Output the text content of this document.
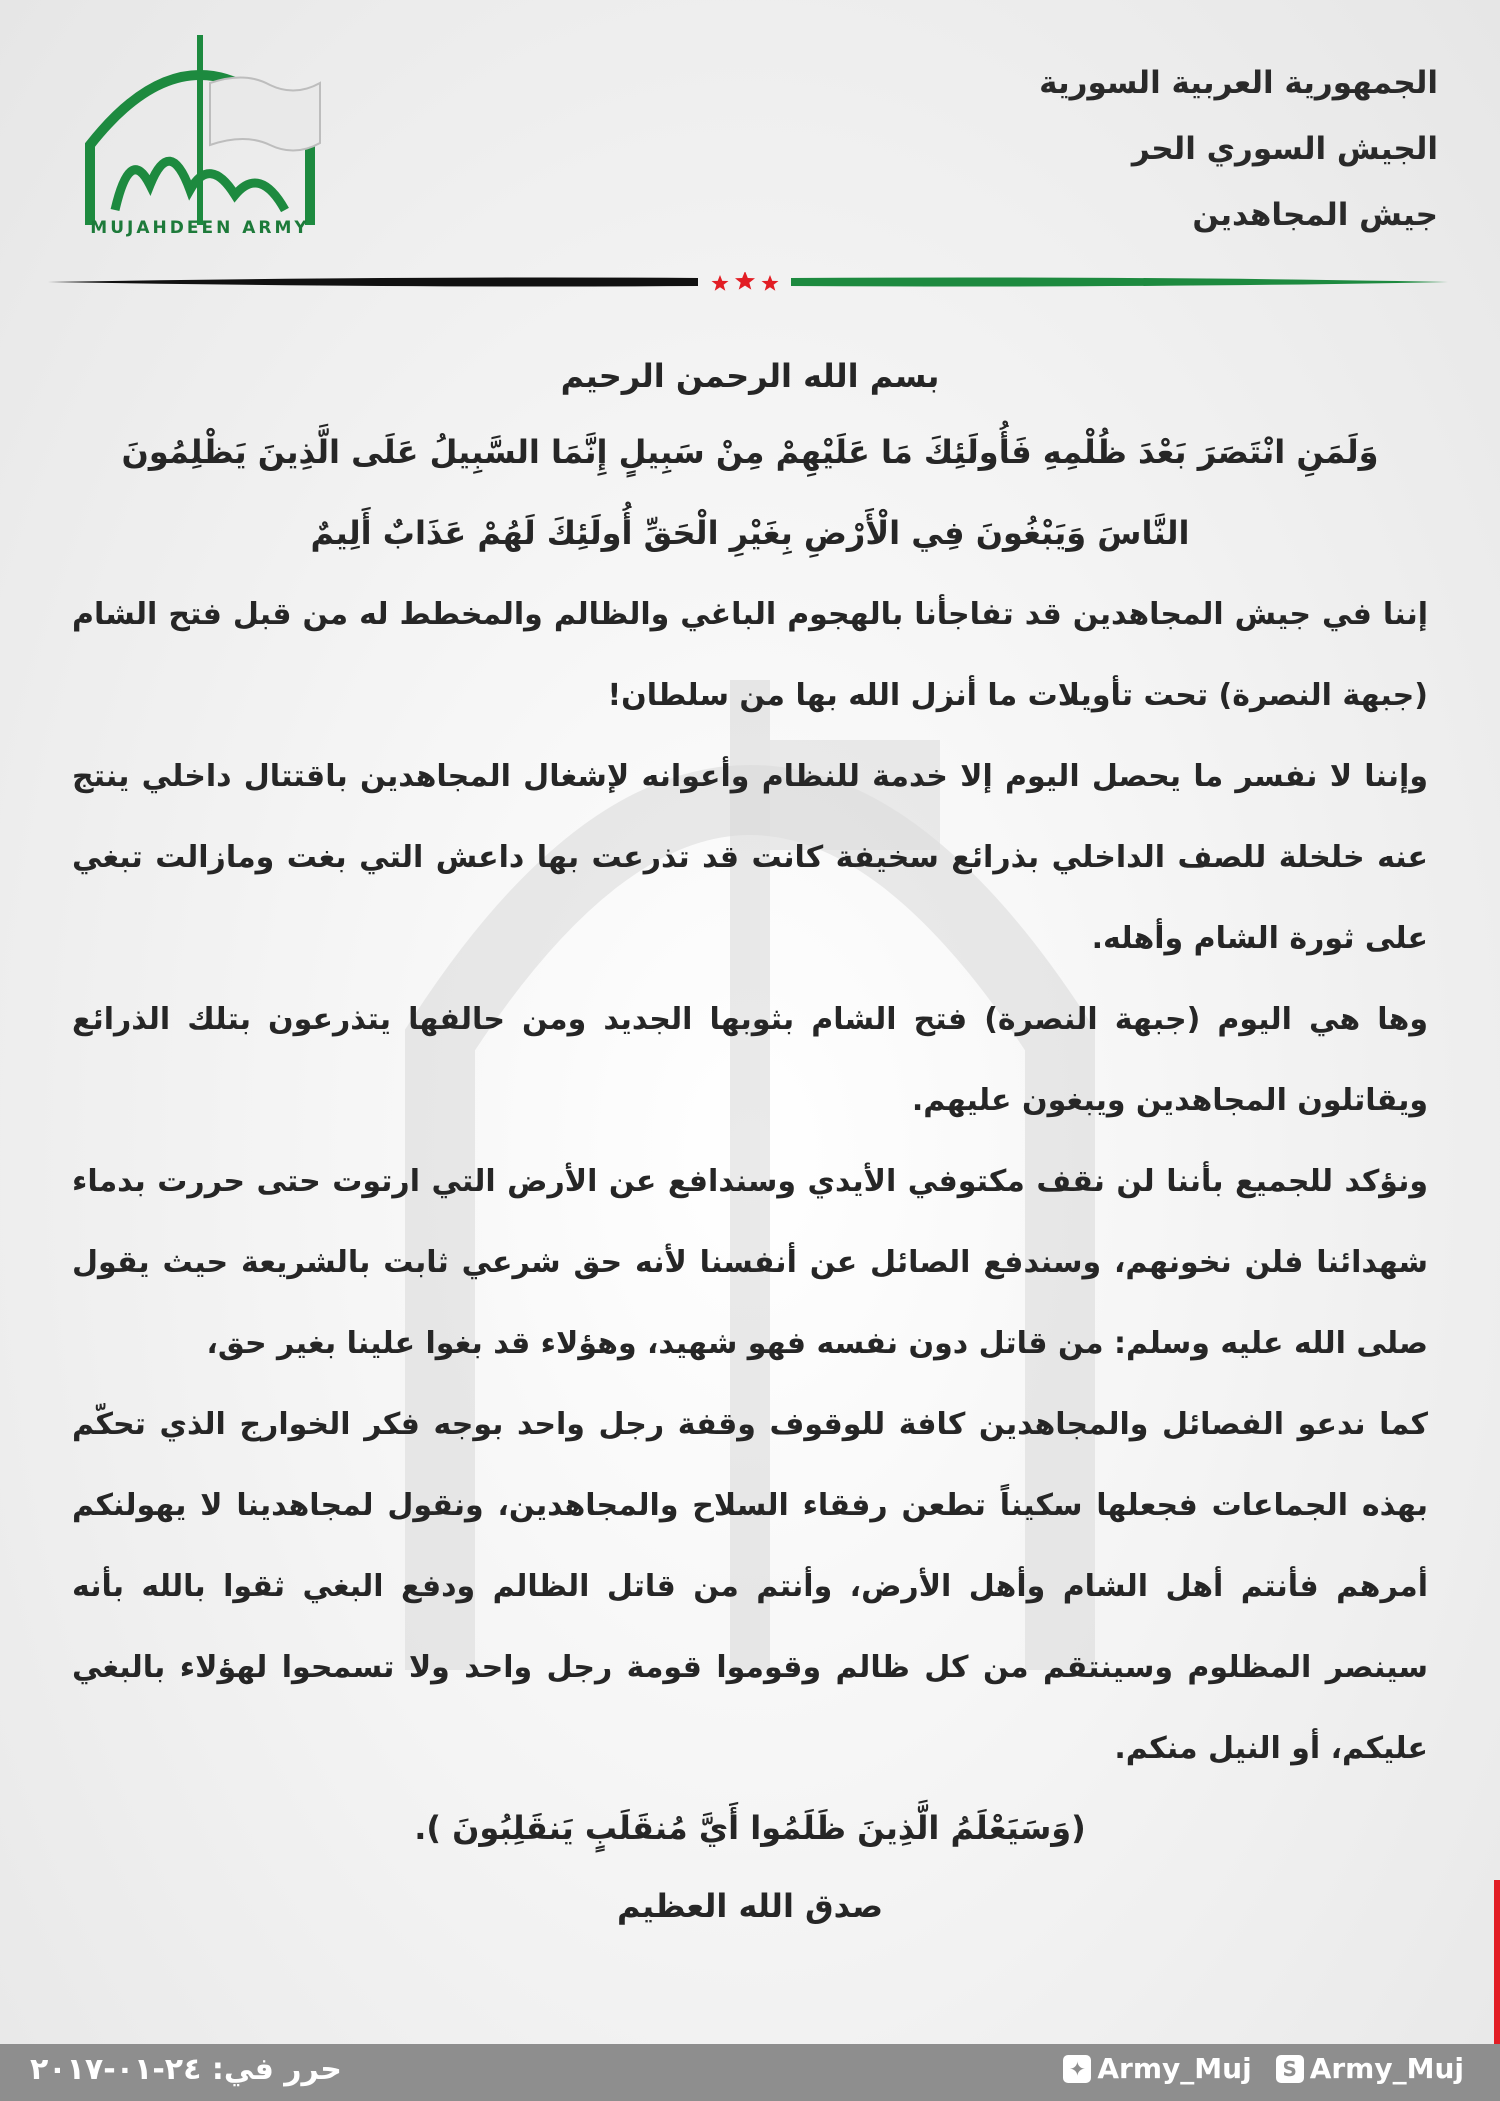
MUJAHDEEN ARMY
الجمهورية العربية السورية
الجيش السوري الحر
جيش المجاهدين
بسم الله الرحمن الرحيم
وَلَمَنِ انْتَصَرَ بَعْدَ ظُلْمِهِ فَأُولَئِكَ مَا عَلَيْهِمْ مِنْ سَبِيلٍ إِنَّمَا السَّبِيلُ عَلَى الَّذِينَ يَظْلِمُونَ
النَّاسَ وَيَبْغُونَ فِي الْأَرْضِ بِغَيْرِ الْحَقِّ أُولَئِكَ لَهُمْ عَذَابٌ أَلِيمٌ
إننا في جيش المجاهدين قد تفاجأنا بالهجوم الباغي والظالم والمخطط له من قبل فتح الشام (جبهة النصرة) تحت تأويلات ما أنزل الله بها من سلطان!
وإننا لا نفسر ما يحصل اليوم إلا خدمة للنظام وأعوانه لإشغال المجاهدين باقتتال داخلي ينتج عنه خلخلة للصف الداخلي بذرائع سخيفة كانت قد تذرعت بها داعش التي بغت ومازالت تبغي على ثورة الشام وأهله.
وها هي اليوم (جبهة النصرة) فتح الشام بثوبها الجديد ومن حالفها يتذرعون بتلك الذرائع ويقاتلون المجاهدين ويبغون عليهم.
ونؤكد للجميع بأننا لن نقف مكتوفي الأيدي وسندافع عن الأرض التي ارتوت حتى حررت بدماء شهدائنا فلن نخونهم، وسندفع الصائل عن أنفسنا لأنه حق شرعي ثابت بالشريعة حيث يقول صلى الله عليه وسلم: من قاتل دون نفسه فهو شهيد، وهؤلاء قد بغوا علينا بغير حق،
كما ندعو الفصائل والمجاهدين كافة للوقوف وقفة رجل واحد بوجه فكر الخوارج الذي تحكّم بهذه الجماعات فجعلها سكيناً تطعن رفقاء السلاح والمجاهدين، ونقول لمجاهدينا لا يهولنكم أمرهم فأنتم أهل الشام وأهل الأرض، وأنتم من قاتل الظالم ودفع البغي ثقوا بالله بأنه سينصر المظلوم وسينتقم من كل ظالم وقوموا قومة رجل واحد ولا تسمحوا لهؤلاء بالبغي عليكم، أو النيل منكم.
(وَسَيَعْلَمُ الَّذِينَ ظَلَمُوا أَيَّ مُنقَلَبٍ يَنقَلِبُونَ ).
صدق الله العظيم
حرر في: ٢٤-٠١-٢٠١٧	✦ Army_Muj	S Army_Muj
